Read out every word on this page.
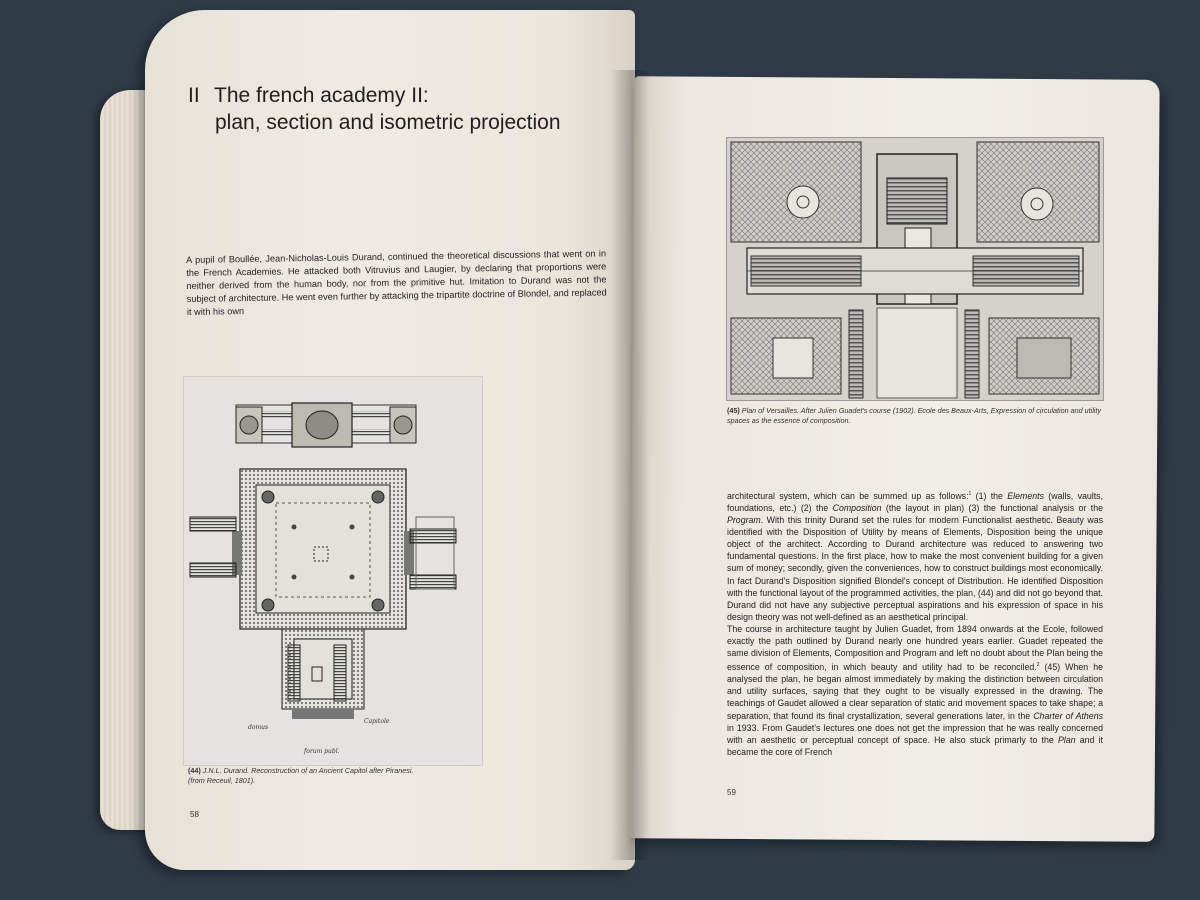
II The french academy II:
plan, section and isometric projection
A pupil of Boullée, Jean-Nicholas-Louis Durand, continued the theoretical discussions that went on in the French Academies. He attacked both Vitruvius and Laugier, by declaring that proportions were neither derived from the human body, nor from the primitive hut. Imitation to Durand was not the subject of architecture. He went even further by attacking the tripartite doctrine of Blondel, and replaced it with his own
domus
Capitole
forum publ.
(44) J.N.L. Durand. Reconstruction of an Ancient Capitol after Piranesi.
(from Receuil, 1801).
58
(45) Plan of Versailles. After Julien Guadet's course (1902). Ecole des Beaux-Arts, Expression of circulation and utility spaces as the essence of composition.

architectural system, which can be summed up as follows:$^1$ (1) the Elements (walls, vaults, foundations, etc.) (2) the Composition (the layout in plan) (3) the functional analysis or the Program. With this trinity Durand set the rules for modern Functionalist aesthetic. Beauty was identified with the Disposition of Utility by means of Elements, Disposition being the unique object of the architect. According to Durand architecture was reduced to answering two fundamental questions. In the first place, how to make the most convenient building for a given sum of money; secondly, given the conveniences, how to construct buildings most economically. In fact Durand's Disposition signified Blondel's concept of Distribution. He identified Disposition with the functional layout of the programmed activities, the plan, (44) and did not go beyond that. Durand did not have any subjective perceptual aspirations and his expression of space in his design theory was not well-defined as an aesthetical principal.

The course in architecture taught by Julien Guadet, from 1894 onwards at the Ecole, followed exactly the path outlined by Durand nearly one hundred years earlier. Guadet repeated the same division of Elements, Composition and Program and left no doubt about the Plan being the essence of composition, in which beauty and utility had to be reconciled.$^2$ (45) When he analysed the plan, he began almost immediately by making the distinction between circulation and utility surfaces, saying that they ought to be visually expressed in the drawing. The teachings of Gaudet allowed a clear separation of static and movement spaces to take shape; a separation, that found its final crystallization, several generations later, in the Charter of Athens in 1933. From Gaudet's lectures one does not get the impression that he was really concerned with an aesthetic or perceptual concept of space. He also stuck primarly to the Plan and it became the core of French

59
